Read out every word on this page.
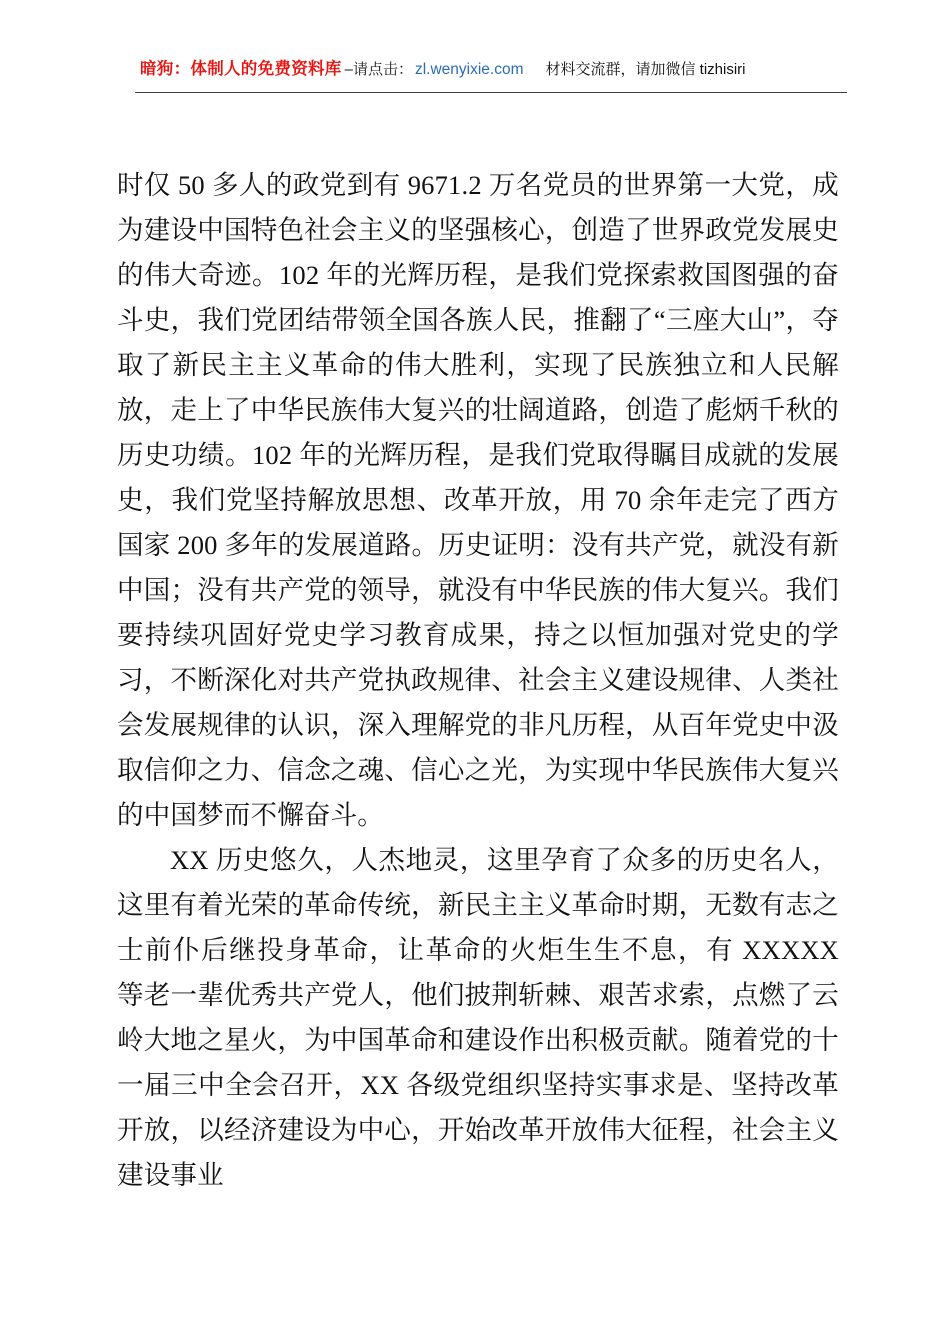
暗狗：体制人的免费资料库 –请点击： zl.wenyixie.com 材料交流群，请加微信 tizhisiri

时仅 50 多人的政党到有 9671.2 万名党员的世界第一大党，成为建设中国特色社会主义的坚强核心，创造了世界政党发展史的伟大奇迹。102 年的光辉历程，是我们党探索救国图强的奋斗史，我们党团结带领全国各族人民，推翻了“三座大山”，夺取了新民主主义革命的伟大胜利，实现了民族独立和人民解放，走上了中华民族伟大复兴的壮阔道路，创造了彪炳千秋的历史功绩。102 年的光辉历程，是我们党取得瞩目成就的发展史，我们党坚持解放思想、改革开放，用 70 余年走完了西方国家 200 多年的发展道路。历史证明：没有共产党，就没有新中国；没有共产党的领导，就没有中华民族的伟大复兴。我们要持续巩固好党史学习教育成果，持之以恒加强对党史的学习，不断深化对共产党执政规律、社会主义建设规律、人类社会发展规律的认识，深入理解党的非凡历程，从百年党史中汲取信仰之力、信念之魂、信心之光，为实现中华民族伟大复兴的中国梦而不懈奋斗。

XX 历史悠久，人杰地灵，这里孕育了众多的历史名人，这里有着光荣的革命传统，新民主主义革命时期，无数有志之士前仆后继投身革命，让革命的火炬生生不息，有 XXXXX 等老一辈优秀共产党人，他们披荆斩棘、艰苦求索，点燃了云岭大地之星火，为中国革命和建设作出积极贡献。随着党的十一届三中全会召开，XX 各级党组织坚持实事求是、坚持改革开放，以经济建设为中心，开始改革开放伟大征程，社会主义建设事业
